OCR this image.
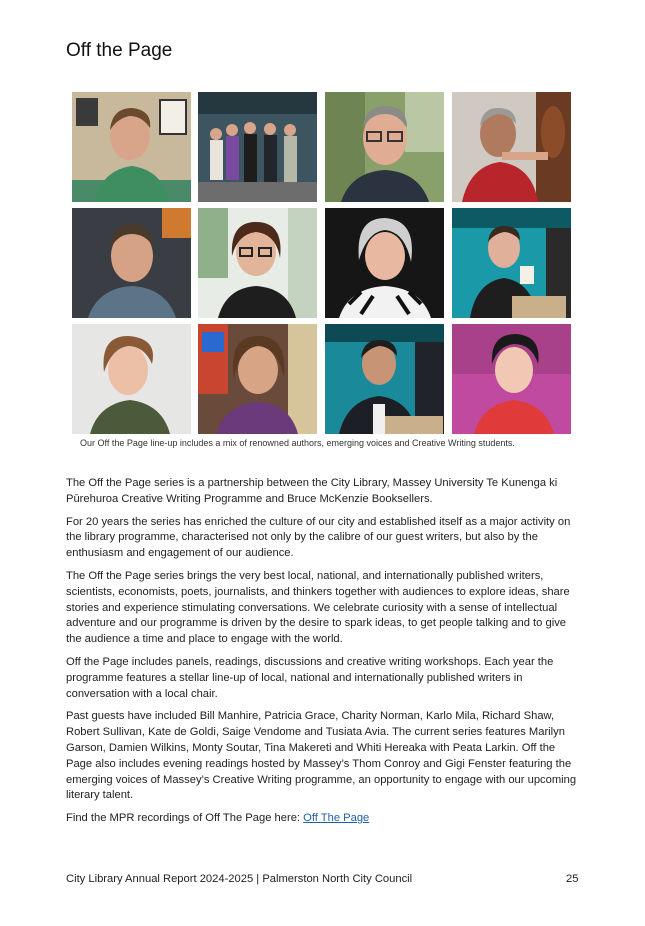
Off the Page
Our Off the Page line-up includes a mix of renowned authors, emerging voices and Creative Writing students.

The Off the Page series is a partnership between the City Library, Massey University Te Kunenga ki Pūrehuroa Creative Writing Programme and Bruce McKenzie Booksellers.

For 20 years the series has enriched the culture of our city and established itself as a major activity on the library programme, characterised not only by the calibre of our guest writers, but also by the enthusiasm and engagement of our audience.

The Off the Page series brings the very best local, national, and internationally published writers, scientists, economists, poets, journalists, and thinkers together with audiences to explore ideas, share stories and experience stimulating conversations. We celebrate curiosity with a sense of intellectual adventure and our programme is driven by the desire to spark ideas, to get people talking and to give the audience a time and place to engage with the world.

Off the Page includes panels, readings, discussions and creative writing workshops. Each year the programme features a stellar line-up of local, national and internationally published writers in conversation with a local chair.

Past guests have included Bill Manhire, Patricia Grace, Charity Norman, Karlo Mila, Richard Shaw, Robert Sullivan, Kate de Goldi, Saige Vendome and Tusiata Avia. The current series features Marilyn Garson, Damien Wilkins, Monty Soutar, Tina Makereti and Whiti Hereaka with Peata Larkin. Off the Page also includes evening readings hosted by Massey’s Thom Conroy and Gigi Fenster featuring the emerging voices of Massey’s Creative Writing programme, an opportunity to engage with our upcoming literary talent.

Find the MPR recordings of Off The Page here: Off The Page

City Library Annual Report 2024-2025 | Palmerston North City Council	25
